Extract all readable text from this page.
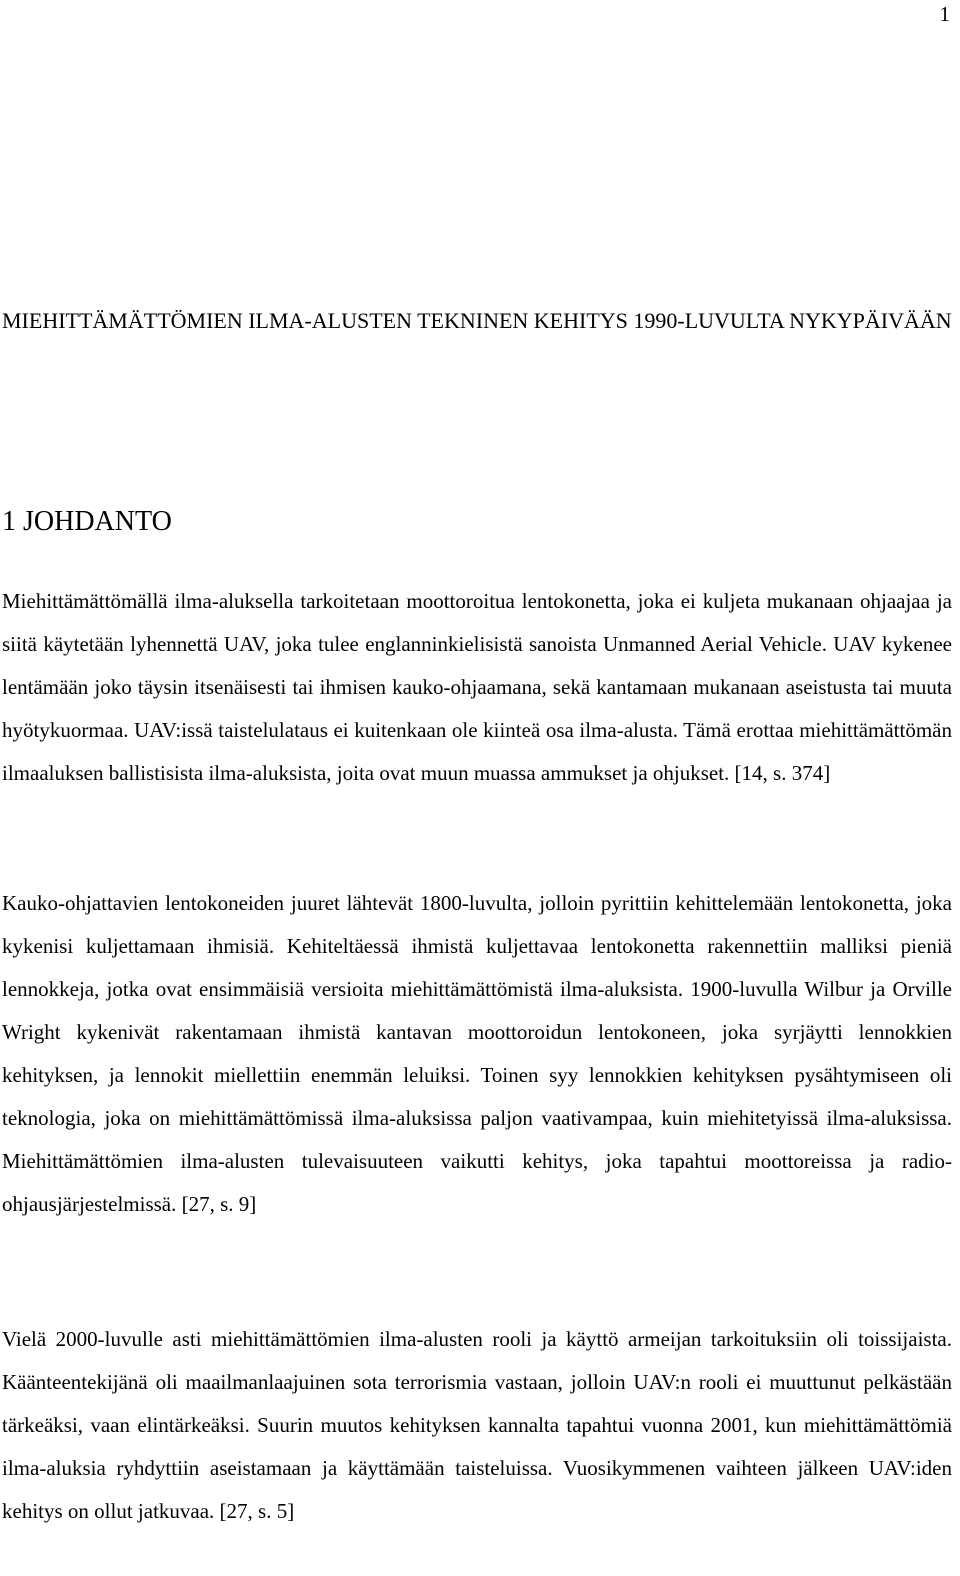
1
MIEHITTÄMÄTTÖMIEN ILMA-ALUSTEN TEKNINEN KEHITYS 1990-LUVULTA NYKYPÄIVÄÄN
1 JOHDANTO

Miehittämättömällä ilma-aluksella tarkoitetaan moottoroitua lentokonetta, joka ei kuljeta mukanaan ohjaajaa ja siitä käytetään lyhennettä UAV, joka tulee englanninkielisistä sanoista Unmanned Aerial Vehicle. UAV kykenee lentämään joko täysin itsenäisesti tai ihmisen kauko-ohjaamana, sekä kantamaan mukanaan aseistusta tai muuta hyötykuormaa. UAV:issä taistelulataus ei kuitenkaan ole kiinteä osa ilma-alusta. Tämä erottaa miehittämättömän ilmaaluksen ballistisista ilma-aluksista, joita ovat muun muassa ammukset ja ohjukset. [14, s. 374]

Kauko-ohjattavien lentokoneiden juuret lähtevät 1800-luvulta, jolloin pyrittiin kehittelemään lentokonetta, joka kykenisi kuljettamaan ihmisiä. Kehiteltäessä ihmistä kuljettavaa lentokonetta rakennettiin malliksi pieniä lennokkeja, jotka ovat ensimmäisiä versioita miehittämättömistä ilma-aluksista. 1900-luvulla Wilbur ja Orville Wright kykenivät rakentamaan ihmistä kantavan moottoroidun lentokoneen, joka syrjäytti lennokkien kehityksen, ja lennokit miellettiin enemmän leluiksi. Toinen syy lennokkien kehityksen pysähtymiseen oli teknologia, joka on miehittämättömissä ilma-aluksissa paljon vaativampaa, kuin miehitetyissä ilma-aluksissa. Miehittämättömien ilma-alusten tulevaisuuteen vaikutti kehitys, joka tapahtui moottoreissa ja radio-ohjausjärjestelmissä. [27, s. 9]

Vielä 2000-luvulle asti miehittämättömien ilma-alusten rooli ja käyttö armeijan tarkoituksiin oli toissijaista. Käänteentekijänä oli maailmanlaajuinen sota terrorismia vastaan, jolloin UAV:n rooli ei muuttunut pelkästään tärkeäksi, vaan elintärkeäksi. Suurin muutos kehityksen kannalta tapahtui vuonna 2001, kun miehittämättömiä ilma-aluksia ryhdyttiin aseistamaan ja käyttämään taisteluissa. Vuosikymmenen vaihteen jälkeen UAV:iden kehitys on ollut jatkuvaa. [27, s. 5]
